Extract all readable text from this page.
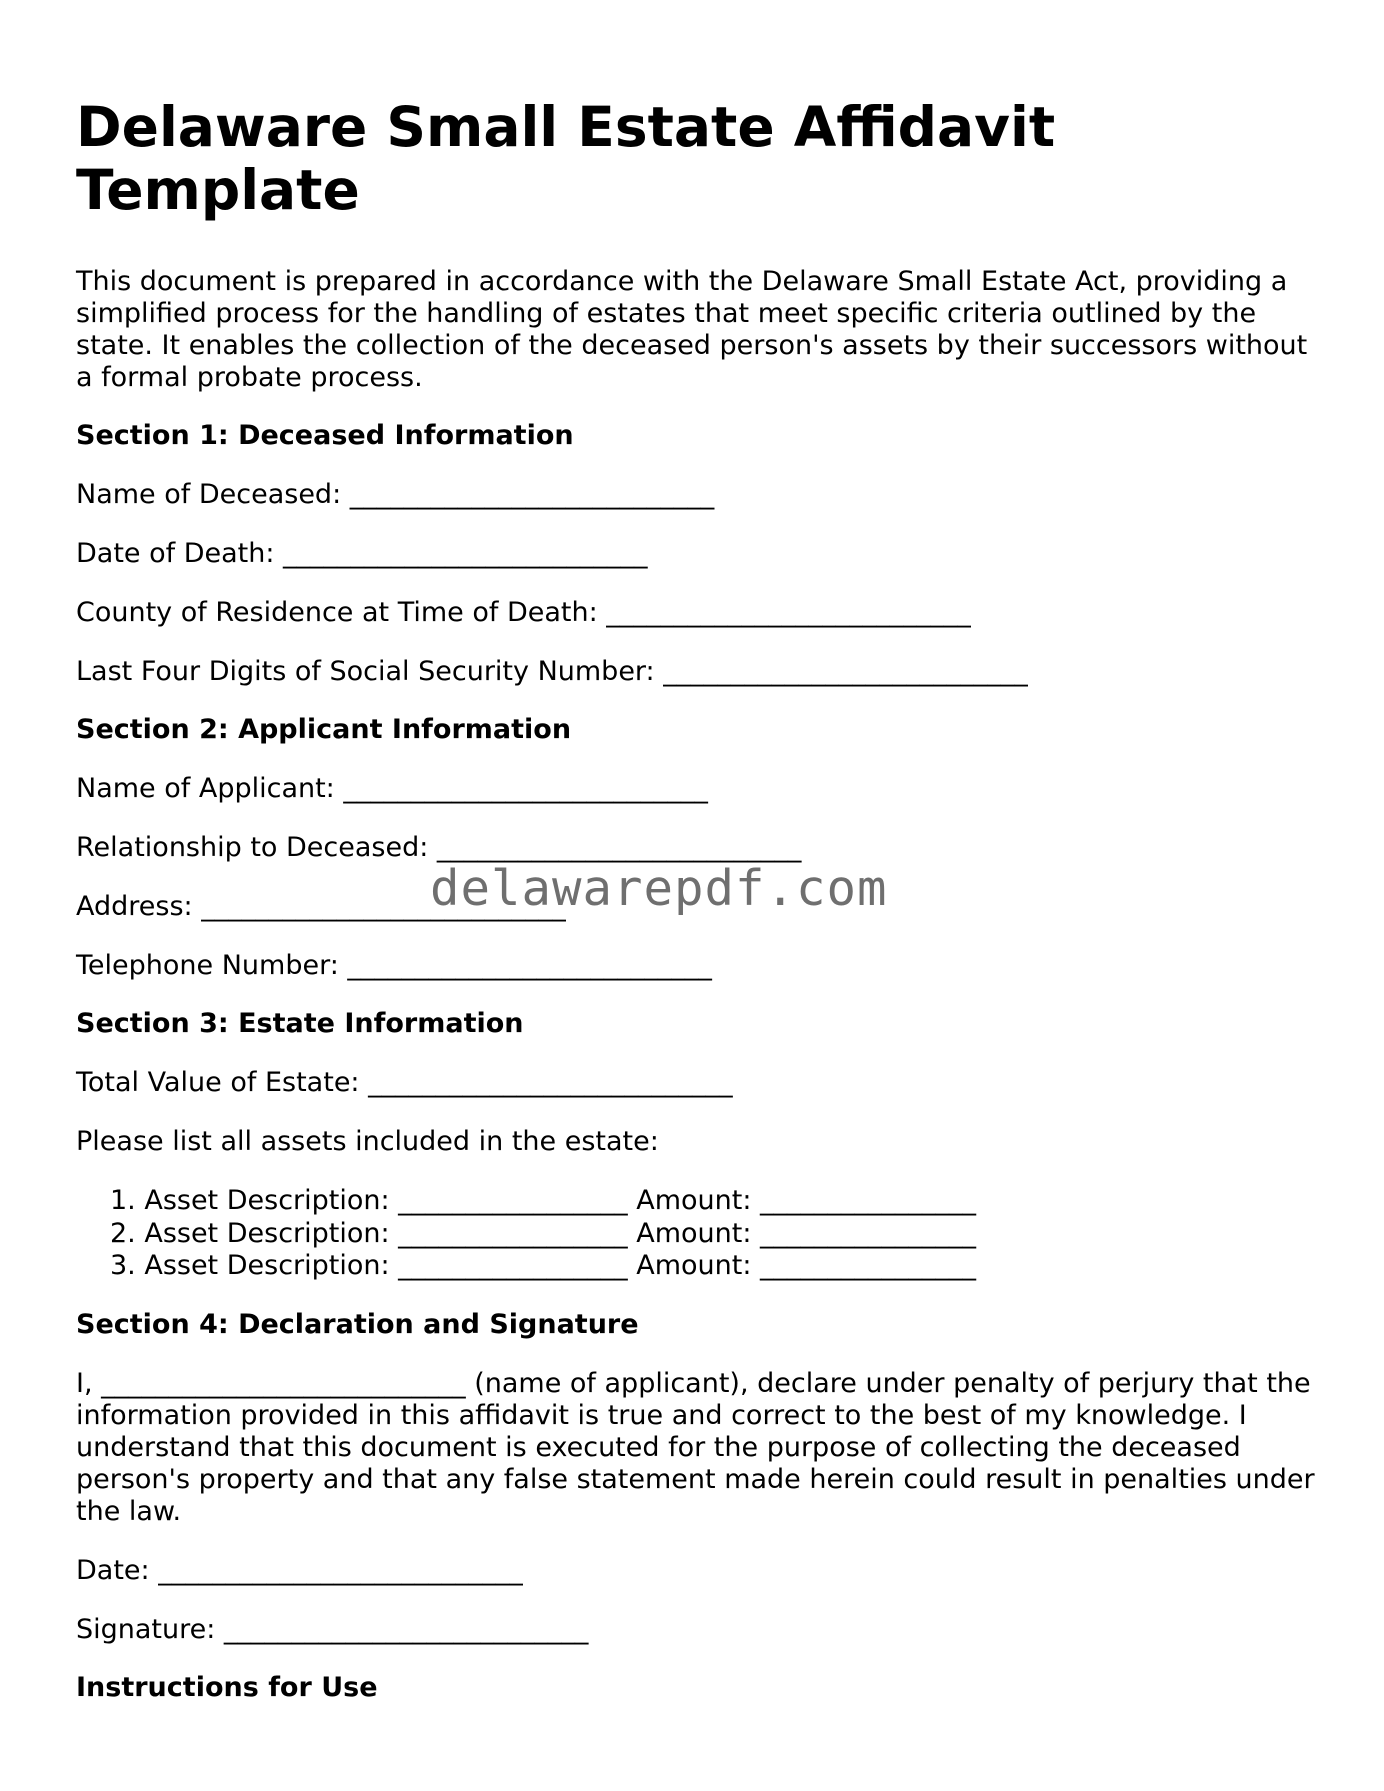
Delaware Small Estate Affidavit Template

This document is prepared in accordance with the Delaware Small Estate Act, providing a simplified process for the handling of estates that meet specific criteria outlined by the state. It enables the collection of the deceased person's assets by their successors without a formal probate process.

Section 1: Deceased Information

Name of Deceased: ___________________________

Date of Death: ___________________________

County of Residence at Time of Death: ___________________________

Last Four Digits of Social Security Number: ___________________________

Section 2: Applicant Information

Name of Applicant: ___________________________

Relationship to Deceased: ___________________________

Address: ___________________________

Telephone Number: ___________________________

Section 3: Estate Information

Total Value of Estate: ___________________________

Please list all assets included in the estate:

1. Asset Description: _________________ Amount: ________________
2. Asset Description: _________________ Amount: ________________
3. Asset Description: _________________ Amount: ________________
Section 4: Declaration and Signature

I, ___________________________ (name of applicant), declare under penalty of perjury that the information provided in this affidavit is true and correct to the best of my knowledge. I understand that this document is executed for the purpose of collecting the deceased person's property and that any false statement made herein could result in penalties under the law.

Date: ___________________________

Signature: ___________________________

Instructions for Use
delawarepdf.com
